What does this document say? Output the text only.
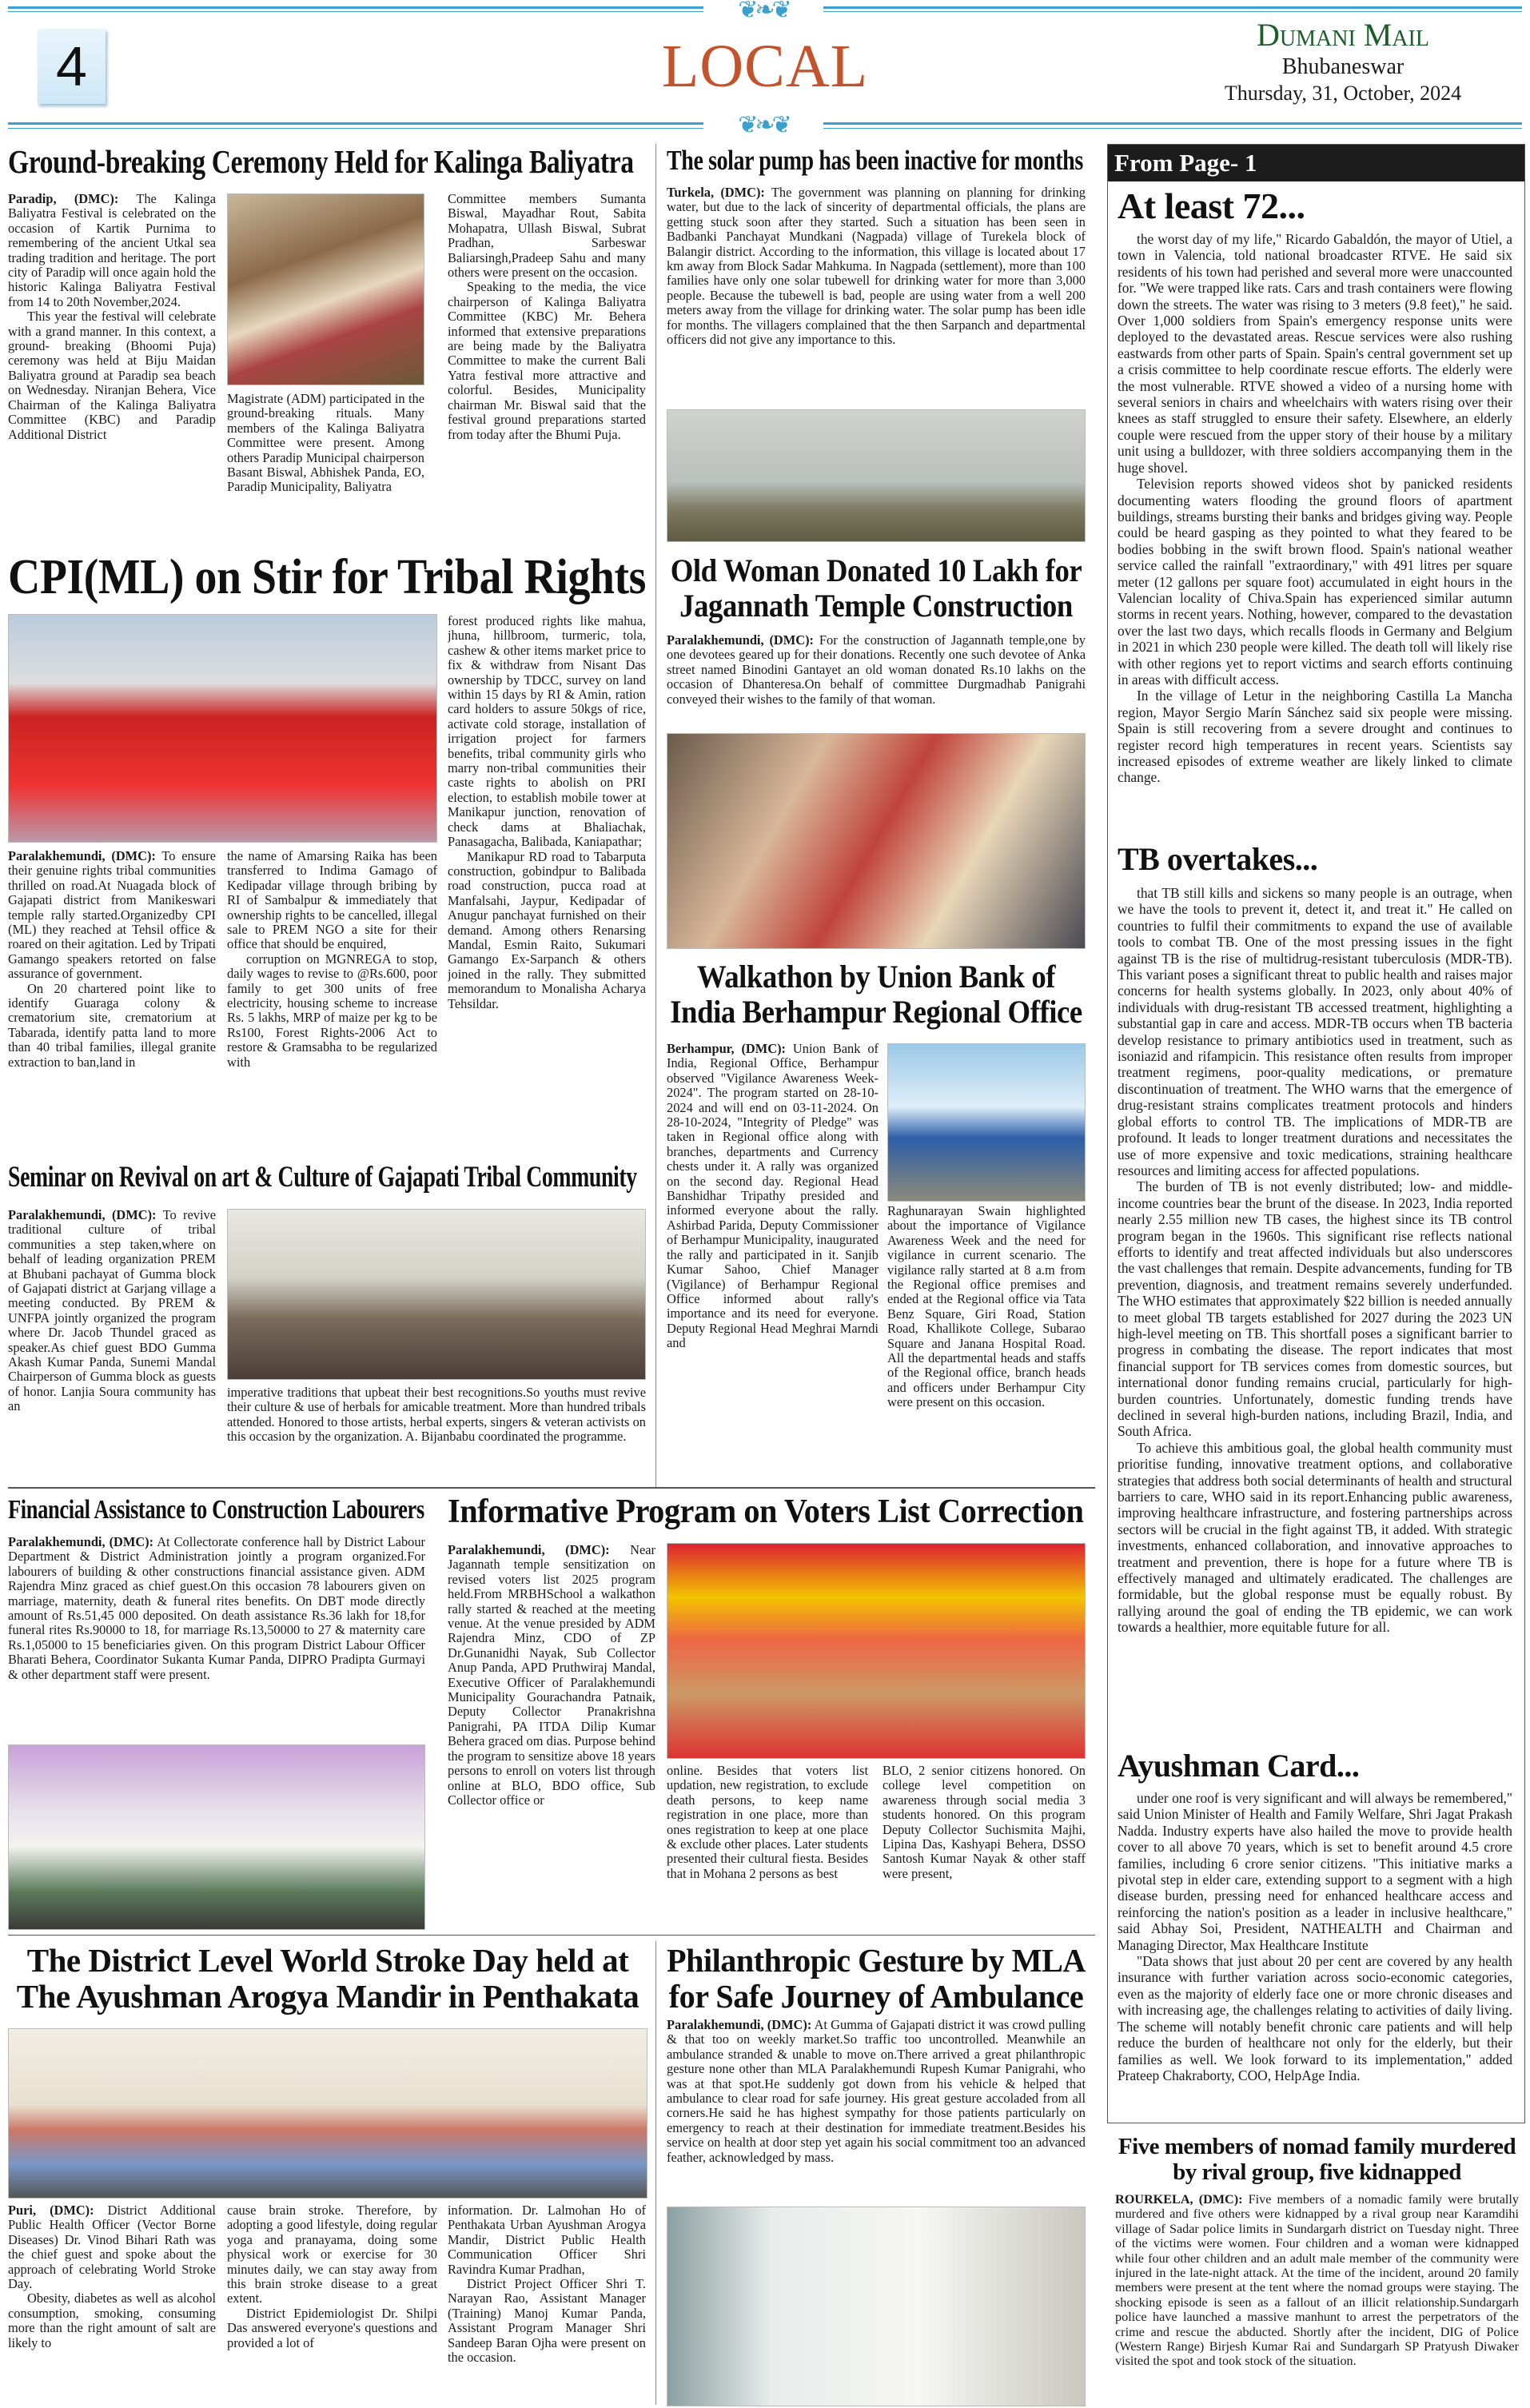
❦❧❦
4	LOCAL	Dumani Mail
Bhubaneswar
Thursday, 31, October, 2024
❦❧❦
Ground-breaking Ceremony Held for Kalinga Baliyatra

Paradip, (DMC): The Kalinga Baliyatra Festival is celebrated on the occasion of Kartik Purnima to remembering of the ancient Utkal sea trading tradition and heritage. The port city of Paradip will once again hold the historic Kalinga Baliyatra Festival from 14 to 20th November,2024.

This year the festival will celebrate with a grand manner. In this context, a ground- breaking (Bhoomi Puja) ceremony was held at Biju Maidan Baliyatra ground at Paradip sea beach on Wednesday. Niranjan Behera, Vice Chairman of the Kalinga Baliyatra Committee (KBC) and Paradip Additional District

Magistrate (ADM) participated in the ground-breaking rituals. Many members of the Kalinga Baliyatra Committee were present. Among others Paradip Municipal chairperson Basant Biswal, Abhishek Panda, EO, Paradip Municipality, Baliyatra

Committee members Sumanta Biswal, Mayadhar Rout, Sabita Mohapatra, Ullash Biswal, Subrat Pradhan, Sarbeswar Baliarsingh,Pradeep Sahu and many others were present on the occasion.

Speaking to the media, the vice chairperson of Kalinga Baliyatra Committee (KBC) Mr. Behera informed that extensive preparations are being made by the Baliyatra Committee to make the current Bali Yatra festival more attractive and colorful. Besides, Municipality chairman Mr. Biswal said that the festival ground preparations started from today after the Bhumi Puja.

The solar pump has been inactive for months

Turkela, (DMC): The government was planning on planning for drinking water, but due to the lack of sincerity of departmental officials, the plans are getting stuck soon after they started. Such a situation has been seen in Badbanki Panchayat Mundkani (Nagpada) village of Turekela block of Balangir district. According to the information, this village is located about 17 km away from Block Sadar Mahkuma. In Nagpada (settlement), more than 100 families have only one solar tubewell for drinking water for more than 3,000 people. Because the tubewell is bad, people are using water from a well 200 meters away from the village for drinking water. The solar pump has been idle for months. The villagers complained that the then Sarpanch and departmental officers did not give any importance to this.

CPI(ML) on Stir for Tribal Rights

Paralakhemundi, (DMC): To ensure their genuine rights tribal communities thrilled on road.At Nuagada block of Gajapati district from Manikeswari temple rally started.Organizedby CPI (ML) they reached at Tehsil office & roared on their agitation. Led by Tripati Gamango speakers retorted on false assurance of government.

On 20 chartered point like to identify Guaraga colony & crematorium site, crematorium at Tabarada, identify patta land to more than 40 tribal families, illegal granite extraction to ban,land in

the name of Amarsing Raika has been transferred to Indima Gamago of Kedipadar village through bribing by RI of Sambalpur & immediately that ownership rights to be cancelled, illegal sale to PREM NGO a site for their office that should be enquired,

corruption on MGNREGA to stop, daily wages to revise to @Rs.600, poor family to get 300 units of free electricity, housing scheme to increase Rs. 5 lakhs, MRP of maize per kg to be Rs100, Forest Rights-2006 Act to restore & Gramsabha to be regularized with

forest produced rights like mahua, jhuna, hillbroom, turmeric, tola, cashew & other items market price to fix & withdraw from Nisant Das ownership by TDCC, survey on land within 15 days by RI & Amin, ration card holders to assure 50kgs of rice, activate cold storage, installation of irrigation project for farmers benefits, tribal community girls who marry non-tribal communities their caste rights to abolish on PRI election, to establish mobile tower at Manikapur junction, renovation of check dams at Bhaliachak, Panasagacha, Balibada, Kaniapathar;

Manikapur RD road to Tabarputa construction, gobindpur to Balibada road construction, pucca road at Manfalsahi, Jaypur, Kedipadar of Anugur panchayat furnished on their demand. Among others Renarsing Mandal, Esmin Raito, Sukumari Gamango Ex-Sarpanch & others joined in the rally. They submitted memorandum to Monalisha Acharya Tehsildar.

Old Woman Donated 10 Lakh for Jagannath Temple Construction

Paralakhemundi, (DMC): For the construction of Jagannath temple,one by one devotees geared up for their donations. Recently one such devotee of Anka street named Binodini Gantayet an old woman donated Rs.10 lakhs on the occasion of Dhanteresa.On behalf of committee Durgmadhab Panigrahi conveyed their wishes to the family of that woman.

Walkathon by Union Bank of India Berhampur Regional Office

Berhampur, (DMC): Union Bank of India, Regional Office, Berhampur observed "Vigilance Awareness Week-2024". The program started on 28-10-2024 and will end on 03-11-2024. On 28-10-2024, "Integrity of Pledge" was taken in Regional office along with branches, departments and Currency chests under it. A rally was organized on the second day. Regional Head Banshidhar Tripathy presided and informed everyone about the rally. Ashirbad Parida, Deputy Commissioner of Berhampur Municipality, inaugurated the rally and participated in it. Sanjib Kumar Sahoo, Chief Manager (Vigilance) of Berhampur Regional Office informed about rally's importance and its need for everyone. Deputy Regional Head Meghrai Marndi and

Raghunarayan Swain highlighted about the importance of Vigilance Awareness Week and the need for vigilance in current scenario. The vigilance rally started at 8 a.m from the Regional office premises and ended at the Regional office via Tata Benz Square, Giri Road, Station Road, Khallikote College, Subarao Square and Janana Hospital Road. All the departmental heads and staffs of the Regional office, branch heads and officers under Berhampur City were present on this occasion.

Seminar on Revival on art & Culture of Gajapati Tribal Community

Paralakhemundi, (DMC): To revive traditional culture of tribal communities a step taken,where on behalf of leading organization PREM at Bhubani pachayat of Gumma block of Gajapati district at Garjang village a meeting conducted. By PREM & UNFPA jointly organized the program where Dr. Jacob Thundel graced as speaker.As chief guest BDO Gumma Akash Kumar Panda, Sunemi Mandal Chairperson of Gumma block as guests of honor. Lanjia Soura community has an

imperative traditions that upbeat their best recognitions.So youths must revive their culture & use of herbals for amicable treatment. More than hundred tribals attended. Honored to those artists, herbal experts, singers & veteran activists on this occasion by the organization. A. Bijanbabu coordinated the programme.

Financial Assistance to Construction Labourers

Paralakhemundi, (DMC): At Collectorate conference hall by District Labour Department & District Administration jointly a program organized.For labourers of building & other constructions financial assistance given. ADM Rajendra Minz graced as chief guest.On this occasion 78 labourers given on marriage, maternity, death & funeral rites benefits. On DBT mode directly amount of Rs.51,45 000 deposited. On death assistance Rs.36 lakh for 18,for funeral rites Rs.90000 to 18, for marriage Rs.13,50000 to 27 & maternity care Rs.1,05000 to 15 beneficiaries given. On this program District Labour Officer Bharati Behera, Coordinator Sukanta Kumar Panda, DIPRO Pradipta Gurmayi & other department staff were present.

Informative Program on Voters List Correction

Paralakhemundi, (DMC): Near Jagannath temple sensitization on revised voters list 2025 program held.From MRBHSchool a walkathon rally started & reached at the meeting venue. At the venue presided by ADM Rajendra Minz, CDO of ZP Dr.Gunanidhi Nayak, Sub Collector Anup Panda, APD Pruthwiraj Mandal, Executive Officer of Paralakhemundi Municipality Gourachandra Patnaik, Deputy Collector Pranakrishna Panigrahi, PA ITDA Dilip Kumar Behera graced om dias. Purpose behind the program to sensitize above 18 years persons to enroll on voters list through online at BLO, BDO office, Sub Collector office or

online. Besides that voters list updation, new registration, to exclude death persons, to keep name registration in one place, more than ones registration to keep at one place & exclude other places. Later students presented their cultural fiesta. Besides that in Mohana 2 persons as best

BLO, 2 senior citizens honored. On college level competition on awareness through social media 3 students honored. On this program Deputy Collector Suchismita Majhi, Lipina Das, Kashyapi Behera, DSSO Santosh Kumar Nayak & other staff were present,

The District Level World Stroke Day held at The Ayushman Arogya Mandir in Penthakata

Puri, (DMC): District Additional Public Health Officer (Vector Borne Diseases) Dr. Vinod Bihari Rath was the chief guest and spoke about the approach of celebrating World Stroke Day.

Obesity, diabetes as well as alcohol consumption, smoking, consuming more than the right amount of salt are likely to

cause brain stroke. Therefore, by adopting a good lifestyle, doing regular yoga and pranayama, doing some physical work or exercise for 30 minutes daily, we can stay away from this brain stroke disease to a great extent.

District Epidemiologist Dr. Shilpi Das answered everyone's questions and provided a lot of

information. Dr. Lalmohan Ho of Penthakata Urban Ayushman Arogya Mandir, District Public Health Communication Officer Shri Ravindra Kumar Pradhan,

District Project Officer Shri T. Narayan Rao, Assistant Manager (Training) Manoj Kumar Panda, Assistant Program Manager Shri Sandeep Baran Ojha were present on the occasion.

Philanthropic Gesture by MLA for Safe Journey of Ambulance

Paralakhemundi, (DMC): At Gumma of Gajapati district it was crowd pulling & that too on weekly market.So traffic too uncontrolled. Meanwhile an ambulance stranded & unable to move on.There arrived a great philanthropic gesture none other than MLA Paralakhemundi Rupesh Kumar Panigrahi, who was at that spot.He suddenly got down from his vehicle & helped that ambulance to clear road for safe journey. His great gesture accoladed from all corners.He said he has highest sympathy for those patients particularly on emergency to reach at their destination for immediate treatment.Besides his service on health at door step yet again his social commitment too an advanced feather, acknowledged by mass.

From Page- 1
At least 72...

the worst day of my life," Ricardo Gabaldón, the mayor of Utiel, a town in Valencia, told national broadcaster RTVE. He said six residents of his town had perished and several more were unaccounted for. "We were trapped like rats. Cars and trash containers were flowing down the streets. The water was rising to 3 meters (9.8 feet)," he said. Over 1,000 soldiers from Spain's emergency response units were deployed to the devastated areas. Rescue services were also rushing eastwards from other parts of Spain. Spain's central government set up a crisis committee to help coordinate rescue efforts. The elderly were the most vulnerable. RTVE showed a video of a nursing home with several seniors in chairs and wheelchairs with waters rising over their knees as staff struggled to ensure their safety. Elsewhere, an elderly couple were rescued from the upper story of their house by a military unit using a bulldozer, with three soldiers accompanying them in the huge shovel.

Television reports showed videos shot by panicked residents documenting waters flooding the ground floors of apartment buildings, streams bursting their banks and bridges giving way. People could be heard gasping as they pointed to what they feared to be bodies bobbing in the swift brown flood. Spain's national weather service called the rainfall "extraordinary," with 491 litres per square meter (12 gallons per square foot) accumulated in eight hours in the Valencian locality of Chiva.Spain has experienced similar autumn storms in recent years. Nothing, however, compared to the devastation over the last two days, which recalls floods in Germany and Belgium in 2021 in which 230 people were killed. The death toll will likely rise with other regions yet to report victims and search efforts continuing in areas with difficult access.

In the village of Letur in the neighboring Castilla La Mancha region, Mayor Sergio Marín Sánchez said six people were missing. Spain is still recovering from a severe drought and continues to register record high temperatures in recent years. Scientists say increased episodes of extreme weather are likely linked to climate change.

TB overtakes...

that TB still kills and sickens so many people is an outrage, when we have the tools to prevent it, detect it, and treat it." He called on countries to fulfil their commitments to expand the use of available tools to combat TB. One of the most pressing issues in the fight against TB is the rise of multidrug-resistant tuberculosis (MDR-TB). This variant poses a significant threat to public health and raises major concerns for health systems globally. In 2023, only about 40% of individuals with drug-resistant TB accessed treatment, highlighting a substantial gap in care and access. MDR-TB occurs when TB bacteria develop resistance to primary antibiotics used in treatment, such as isoniazid and rifampicin. This resistance often results from improper treatment regimens, poor-quality medications, or premature discontinuation of treatment. The WHO warns that the emergence of drug-resistant strains complicates treatment protocols and hinders global efforts to control TB. The implications of MDR-TB are profound. It leads to longer treatment durations and necessitates the use of more expensive and toxic medications, straining healthcare resources and limiting access for affected populations.

The burden of TB is not evenly distributed; low- and middle-income countries bear the brunt of the disease. In 2023, India reported nearly 2.55 million new TB cases, the highest since its TB control program began in the 1960s. This significant rise reflects national efforts to identify and treat affected individuals but also underscores the vast challenges that remain. Despite advancements, funding for TB prevention, diagnosis, and treatment remains severely underfunded. The WHO estimates that approximately $22 billion is needed annually to meet global TB targets established for 2027 during the 2023 UN high-level meeting on TB. This shortfall poses a significant barrier to progress in combating the disease. The report indicates that most financial support for TB services comes from domestic sources, but international donor funding remains crucial, particularly for high-burden countries. Unfortunately, domestic funding trends have declined in several high-burden nations, including Brazil, India, and South Africa.

To achieve this ambitious goal, the global health community must prioritise funding, innovative treatment options, and collaborative strategies that address both social determinants of health and structural barriers to care, WHO said in its report.Enhancing public awareness, improving healthcare infrastructure, and fostering partnerships across sectors will be crucial in the fight against TB, it added. With strategic investments, enhanced collaboration, and innovative approaches to treatment and prevention, there is hope for a future where TB is effectively managed and ultimately eradicated. The challenges are formidable, but the global response must be equally robust. By rallying around the goal of ending the TB epidemic, we can work towards a healthier, more equitable future for all.

Ayushman Card...

under one roof is very significant and will always be remembered," said Union Minister of Health and Family Welfare, Shri Jagat Prakash Nadda. Industry experts have also hailed the move to provide health cover to all above 70 years, which is set to benefit around 4.5 crore families, including 6 crore senior citizens. "This initiative marks a pivotal step in elder care, extending support to a segment with a high disease burden, pressing need for enhanced healthcare access and reinforcing the nation's position as a leader in inclusive healthcare," said Abhay Soi, President, NATHEALTH and Chairman and Managing Director, Max Healthcare Institute

"Data shows that just about 20 per cent are covered by any health insurance with further variation across socio-economic categories, even as the majority of elderly face one or more chronic diseases and with increasing age, the challenges relating to activities of daily living. The scheme will notably benefit chronic care patients and will help reduce the burden of healthcare not only for the elderly, but their families as well. We look forward to its implementation," added Prateep Chakraborty, COO, HelpAge India.

Five members of nomad family murdered by rival group, five kidnapped

ROURKELA, (DMC): Five members of a nomadic family were brutally murdered and five others were kidnapped by a rival group near Karamdihi village of Sadar police limits in Sundargarh district on Tuesday night. Three of the victims were women. Four children and a woman were kidnapped while four other children and an adult male member of the community were injured in the late-night attack. At the time of the incident, around 20 family members were present at the tent where the nomad groups were staying. The shocking episode is seen as a fallout of an illicit relationship.Sundargarh police have launched a massive manhunt to arrest the perpetrators of the crime and rescue the abducted. Shortly after the incident, DIG of Police (Western Range) Birjesh Kumar Rai and Sundargarh SP Pratyush Diwaker visited the spot and took stock of the situation.
